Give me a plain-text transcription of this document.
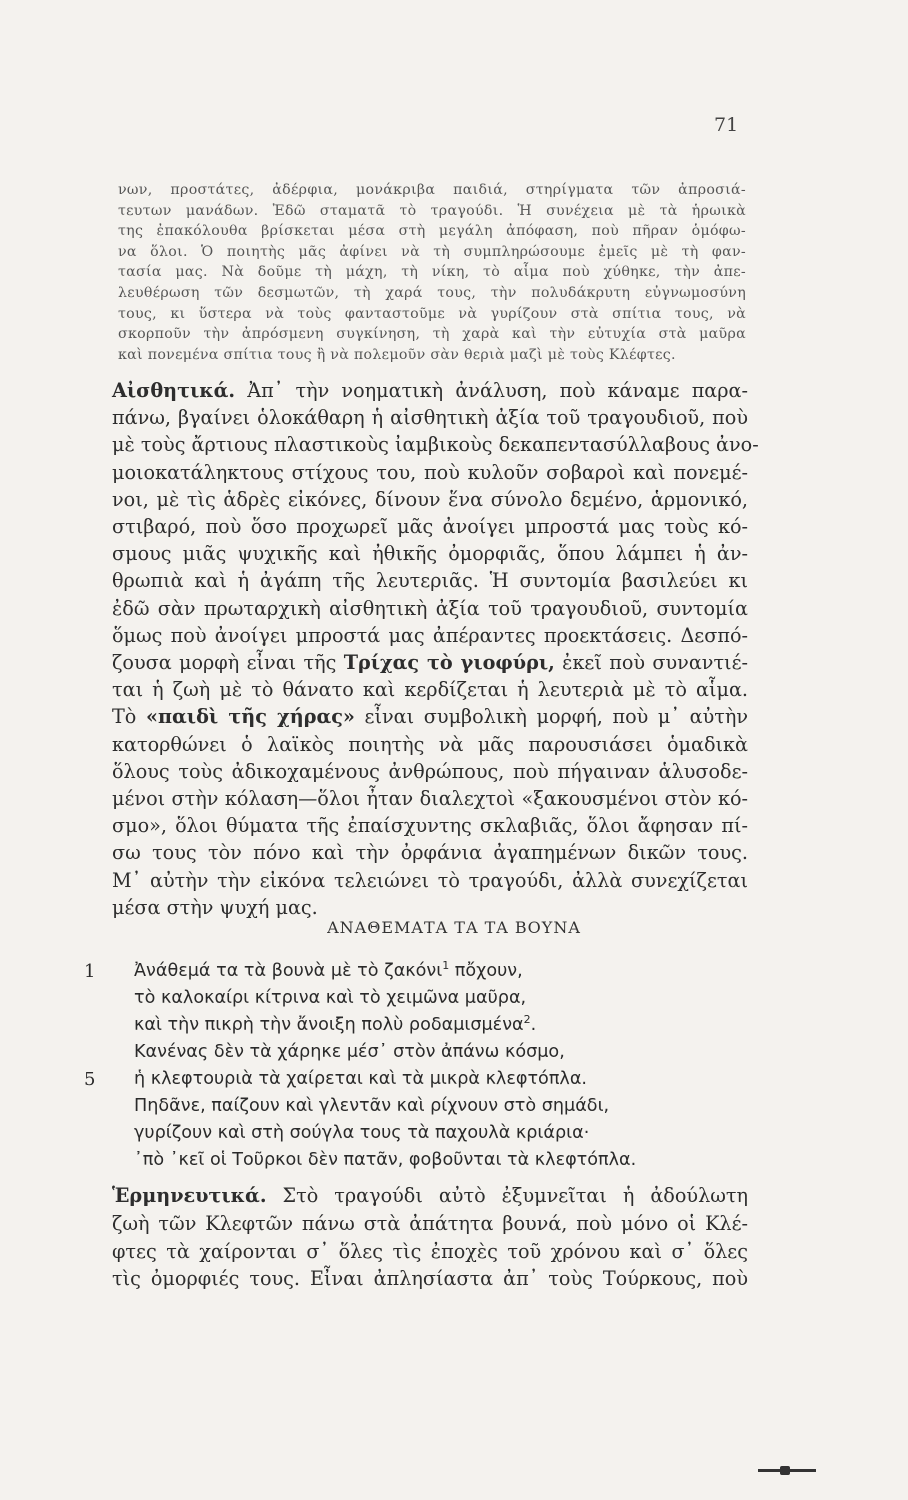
71
νων, προστάτες, ἀδέρφια, μονάκριβα παιδιά, στηρίγματα τῶν ἀπροσιά-
τευτων μανάδων. Ἐδῶ σταματᾶ τὸ τραγούδι. Ἡ συνέχεια μὲ τὰ ἡρωικὰ
της ἐπακόλουθα βρίσκεται μέσα στὴ μεγάλη ἀπόφαση, ποὺ πῆραν ὁμόφω-
να ὅλοι. Ὁ ποιητὴς μᾶς ἀφίνει νὰ τὴ συμπληρώσουμε ἐμεῖς μὲ τὴ φαν-
τασία μας. Νὰ δοῦμε τὴ μάχη, τὴ νίκη, τὸ αἷμα ποὺ χύθηκε, τὴν ἀπε-
λευθέρωση τῶν δεσμωτῶν, τὴ χαρά τους, τὴν πολυδάκρυτη εὐγνωμοσύνη
τους, κι ὕστερα νὰ τοὺς φανταστοῦμε νὰ γυρίζουν στὰ σπίτια τους, νὰ
σκορποῦν τὴν ἀπρόσμενη συγκίνηση, τὴ χαρὰ καὶ τὴν εὐτυχία στὰ μαῦρα
καὶ πονεμένα σπίτια τους ἢ νὰ πολεμοῦν σὰν θεριὰ μαζὶ μὲ τοὺς Κλέφτες.
Αἰσθητικά. Ἀπ᾽ τὴν νοηματικὴ ἀνάλυση, ποὺ κάναμε παρα-
πάνω, βγαίνει ὁλοκάθαρη ἡ αἰσθητικὴ ἀξία τοῦ τραγουδιοῦ, ποὺ
μὲ τοὺς ἄρτιους πλαστικοὺς ἰαμβικοὺς δεκαπεντασύλλαβους ἀνο-
μοιοκατάληκτους στίχους του, ποὺ κυλοῦν σοβαροὶ καὶ πονεμέ-
νοι, μὲ τὶς ἁδρὲς εἰκόνες, δίνουν ἕνα σύνολο δεμένο, ἁρμονικό,
στιβαρό, ποὺ ὅσο προχωρεῖ μᾶς ἀνοίγει μπροστά μας τοὺς κό-
σμους μιᾶς ψυχικῆς καὶ ἠθικῆς ὀμορφιᾶς, ὅπου λάμπει ἡ ἀν-
θρωπιὰ καὶ ἡ ἀγάπη τῆς λευτεριᾶς. Ἡ συντομία βασιλεύει κι
ἐδῶ σὰν πρωταρχικὴ αἰσθητικὴ ἀξία τοῦ τραγουδιοῦ, συντομία
ὅμως ποὺ ἀνοίγει μπροστά μας ἀπέραντες προεκτάσεις. Δεσπό-
ζουσα μορφὴ εἶναι τῆς Τρίχας τὸ γιοφύρι, ἐκεῖ ποὺ συναντιέ-
ται ἡ ζωὴ μὲ τὸ θάνατο καὶ κερδίζεται ἡ λευτεριὰ μὲ τὸ αἷμα.
Τὸ «παιδὶ τῆς χήρας» εἶναι συμβολικὴ μορφή, ποὺ μ᾽ αὐτὴν
κατορθώνει ὁ λαϊκὸς ποιητὴς νὰ μᾶς παρουσιάσει ὁμαδικὰ
ὅλους τοὺς ἀδικοχαμένους ἀνθρώπους, ποὺ πήγαιναν ἁλυσοδε-
μένοι στὴν κόλαση—ὅλοι ἦταν διαλεχτοὶ «ξακουσμένοι στὸν κό-
σμο», ὅλοι θύματα τῆς ἐπαίσχυντης σκλαβιᾶς, ὅλοι ἄφησαν πί-
σω τους τὸν πόνο καὶ τὴν ὀρφάνια ἀγαπημένων δικῶν τους.
Μ᾽ αὐτὴν τὴν εἰκόνα τελειώνει τὸ τραγούδι, ἀλλὰ συνεχίζεται
μέσα στὴν ψυχή μας.
ΑΝΑΘΕΜΑΤΑ ΤΑ ΤΑ ΒΟΥΝΑ
1 Ἀνάθεμά τα τὰ βουνὰ μὲ τὸ ζακόνι$^1$ πὄχουν,
τὸ καλοκαίρι κίτρινα καὶ τὸ χειμῶνα μαῦρα,
καὶ τὴν πικρὴ τὴν ἄνοιξη πολὺ ροδαμισμένα$^2$.
Κανένας δὲν τὰ χάρηκε μέσ᾽ στὸν ἀπάνω κόσμο,
5 ἡ κλεφτουριὰ τὰ χαίρεται καὶ τὰ μικρὰ κλεφτόπλα.
Πηδᾶνε, παίζουν καὶ γλεντᾶν καὶ ρίχνουν στὸ σημάδι,
γυρίζουν καὶ στὴ σούγλα τους τὰ παχουλὰ κριάρια·
᾽πὸ ᾽κεῖ οἱ Τοῦρκοι δὲν πατᾶν, φοβοῦνται τὰ κλεφτόπλα.
Ἑρμηνευτικά. Στὸ τραγούδι αὐτὸ ἐξυμνεῖται ἡ ἀδούλωτη
ζωὴ τῶν Κλεφτῶν πάνω στὰ ἀπάτητα βουνά, ποὺ μόνο οἱ Κλέ-
φτες τὰ χαίρονται σ᾽ ὅλες τὶς ἐποχὲς τοῦ χρόνου καὶ σ᾽ ὅλες
τὶς ὀμορφιές τους. Εἶναι ἀπλησίαστα ἀπ᾽ τοὺς Τούρκους, ποὺ
